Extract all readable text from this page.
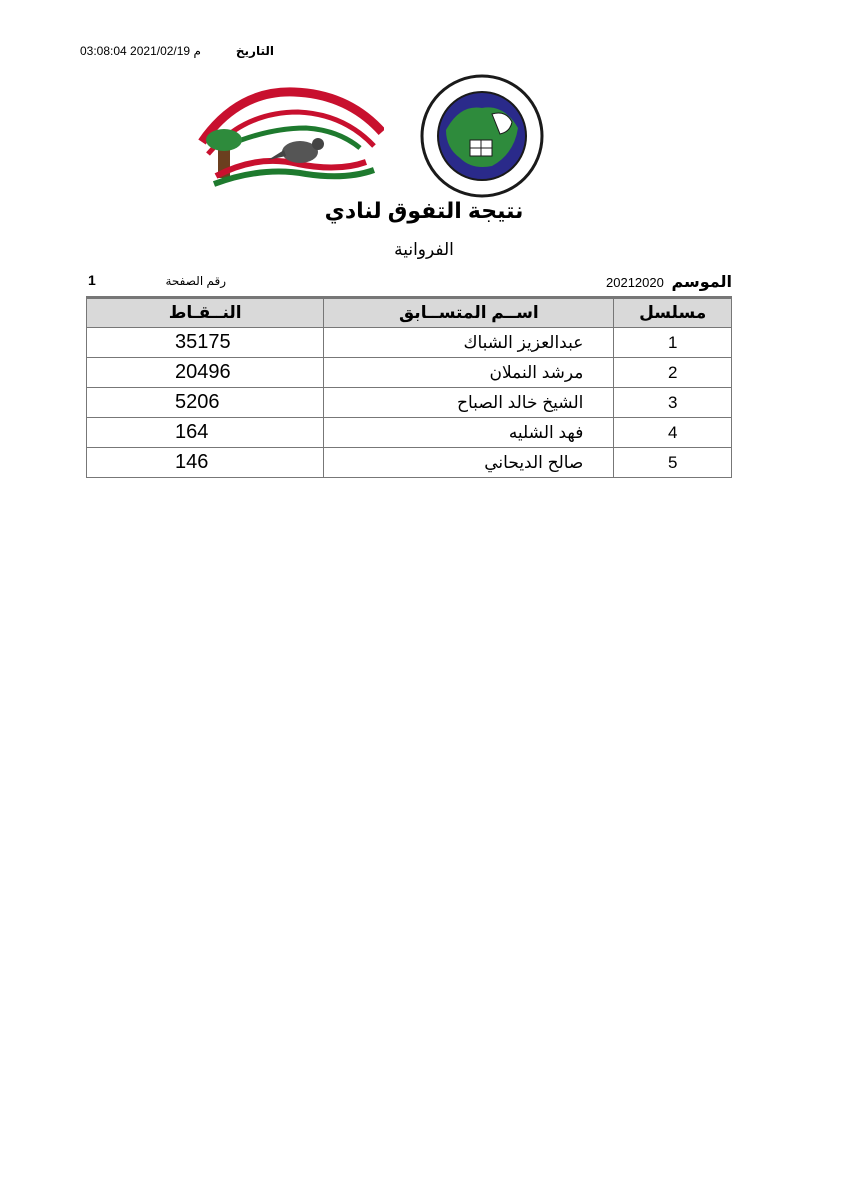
التاريخ
03:08:04 2021/02/19 م
نتيجة التفوق لنادي
الفروانية
الموسم 20212020
رقم الصفحة
1
مسلسل	اســم المتســابق	النــقـاط
1	عبدالعزيز الشباك	35175
2	مرشد النملان	20496
3	الشيخ خالد الصباح	5206
4	فهد الشليه	164
5	صالح الديحاني	146
